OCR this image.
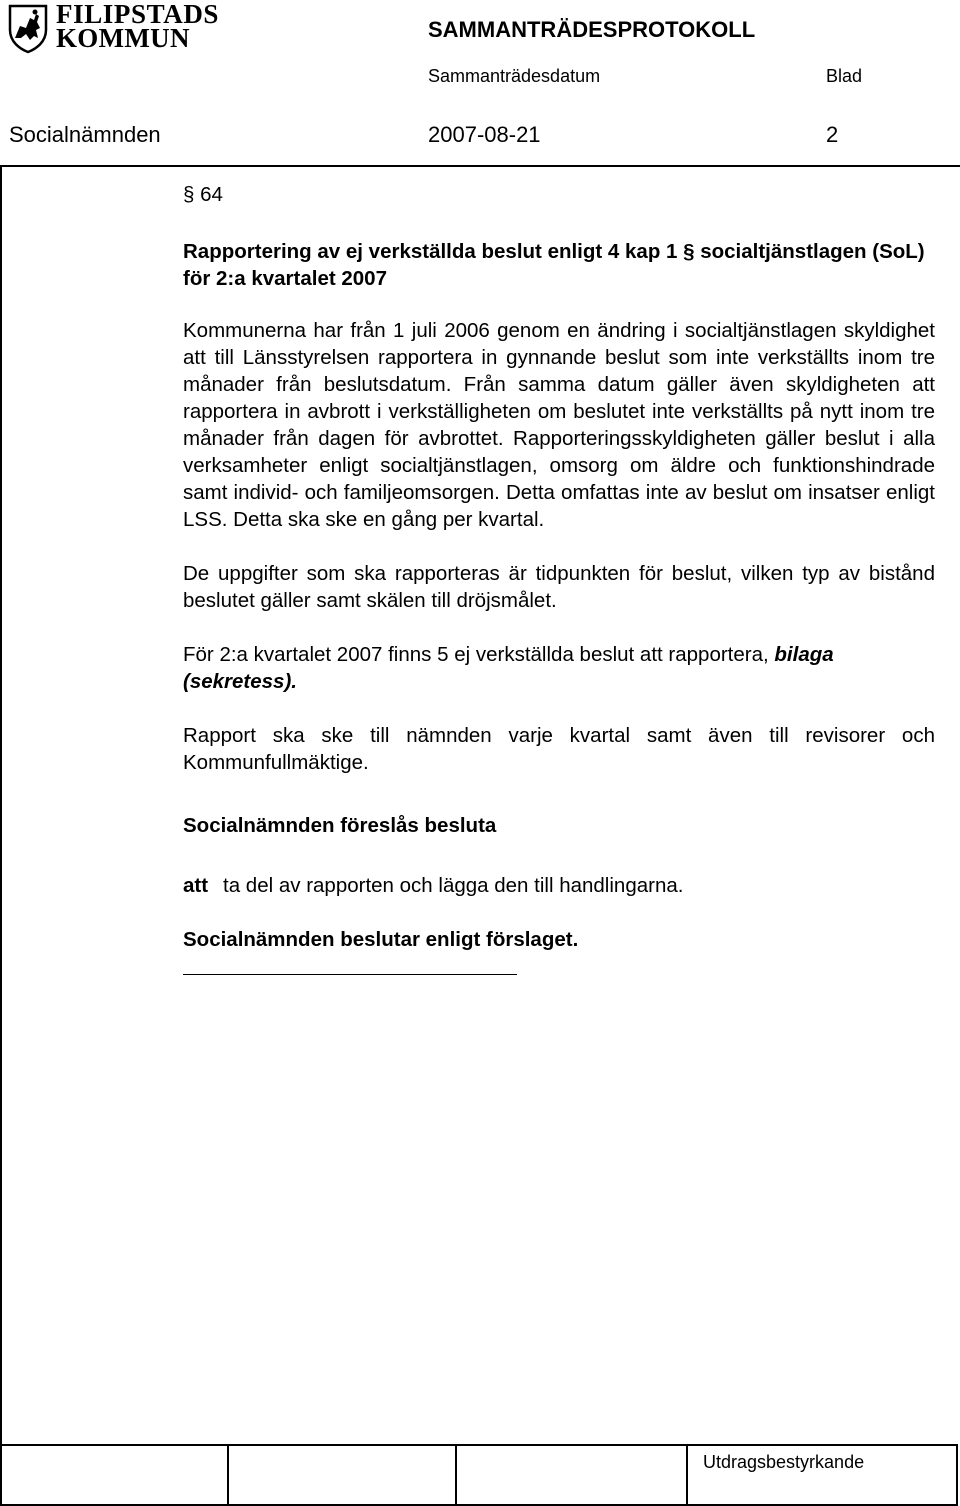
FILIPSTADS
KOMMUN	SAMMANTRÄDESPROTOKOLL
Sammanträdesdatum	Blad
Socialnämnden	2007-08-21	2

§ 64

Rapportering av ej verkställda beslut enligt 4 kap 1 § socialtjänstlagen (SoL) för 2:a kvartalet 2007

Kommunerna har från 1 juli 2006 genom en ändring i socialtjänstlagen skyldighet att till Länsstyrelsen rapportera in gynnande beslut som inte verkställts inom tre månader från beslutsdatum. Från samma datum gäller även skyldigheten att rapportera in avbrott i verkställigheten om beslutet inte verkställts på nytt inom tre månader från dagen för avbrottet. Rapporteringsskyldigheten gäller beslut i alla verksamheter enligt socialtjänstlagen, omsorg om äldre och funktionshindrade samt individ- och familjeomsorgen. Detta omfattas inte av beslut om insatser enligt LSS. Detta ska ske en gång per kvartal.

De uppgifter som ska rapporteras är tidpunkten för beslut, vilken typ av bistånd beslutet gäller samt skälen till dröjsmålet.

För 2:a kvartalet 2007 finns 5 ej verkställda beslut att rapportera, bilaga (sekretess).

Rapport ska ske till nämnden varje kvartal samt även till revisorer och Kommunfullmäktige.

Socialnämnden föreslås besluta

att ta del av rapporten och lägga den till handlingarna.

Socialnämnden beslutar enligt förslaget.

Utdragsbestyrkande
